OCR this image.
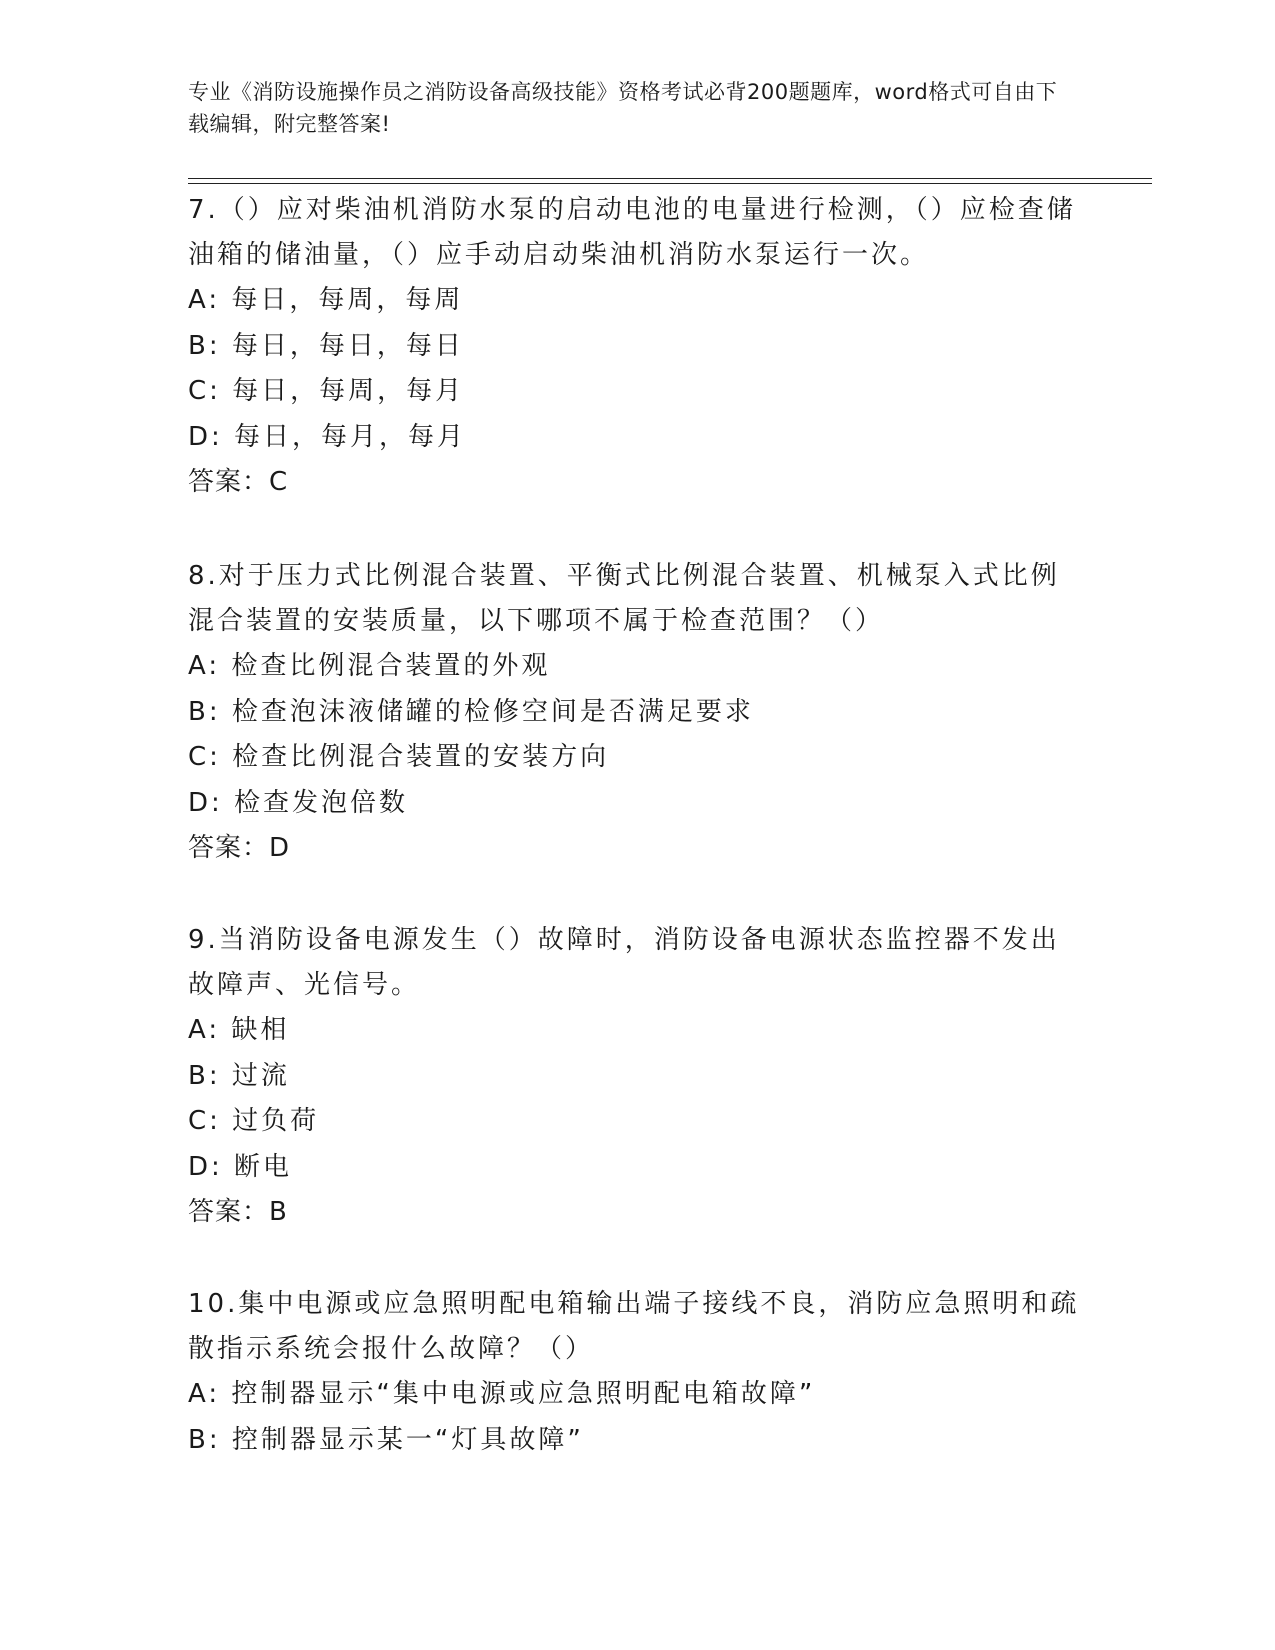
专业《消防设施操作员之消防设备高级技能》资格考试必背200题题库，word格式可自由下载编辑，附完整答案!
7.（）应对柴油机消防水泵的启动电池的电量进行检测，（）应检查储油箱的储油量，（）应手动启动柴油机消防水泵运行一次。
A: 每日，每周，每周
B: 每日，每日，每日
C: 每日，每周，每月
D: 每日，每月，每月
答案：C
8.对于压力式比例混合装置、平衡式比例混合装置、机械泵入式比例混合装置的安装质量，以下哪项不属于检查范围？（）
A: 检查比例混合装置的外观
B: 检查泡沫液储罐的检修空间是否满足要求
C: 检查比例混合装置的安装方向
D: 检查发泡倍数
答案：D
9.当消防设备电源发生（）故障时，消防设备电源状态监控器不发出故障声、光信号。
A: 缺相
B: 过流
C: 过负荷
D: 断电
答案：B
10.集中电源或应急照明配电箱输出端子接线不良，消防应急照明和疏散指示系统会报什么故障？（）
A: 控制器显示“集中电源或应急照明配电箱故障”
B: 控制器显示某一“灯具故障”
